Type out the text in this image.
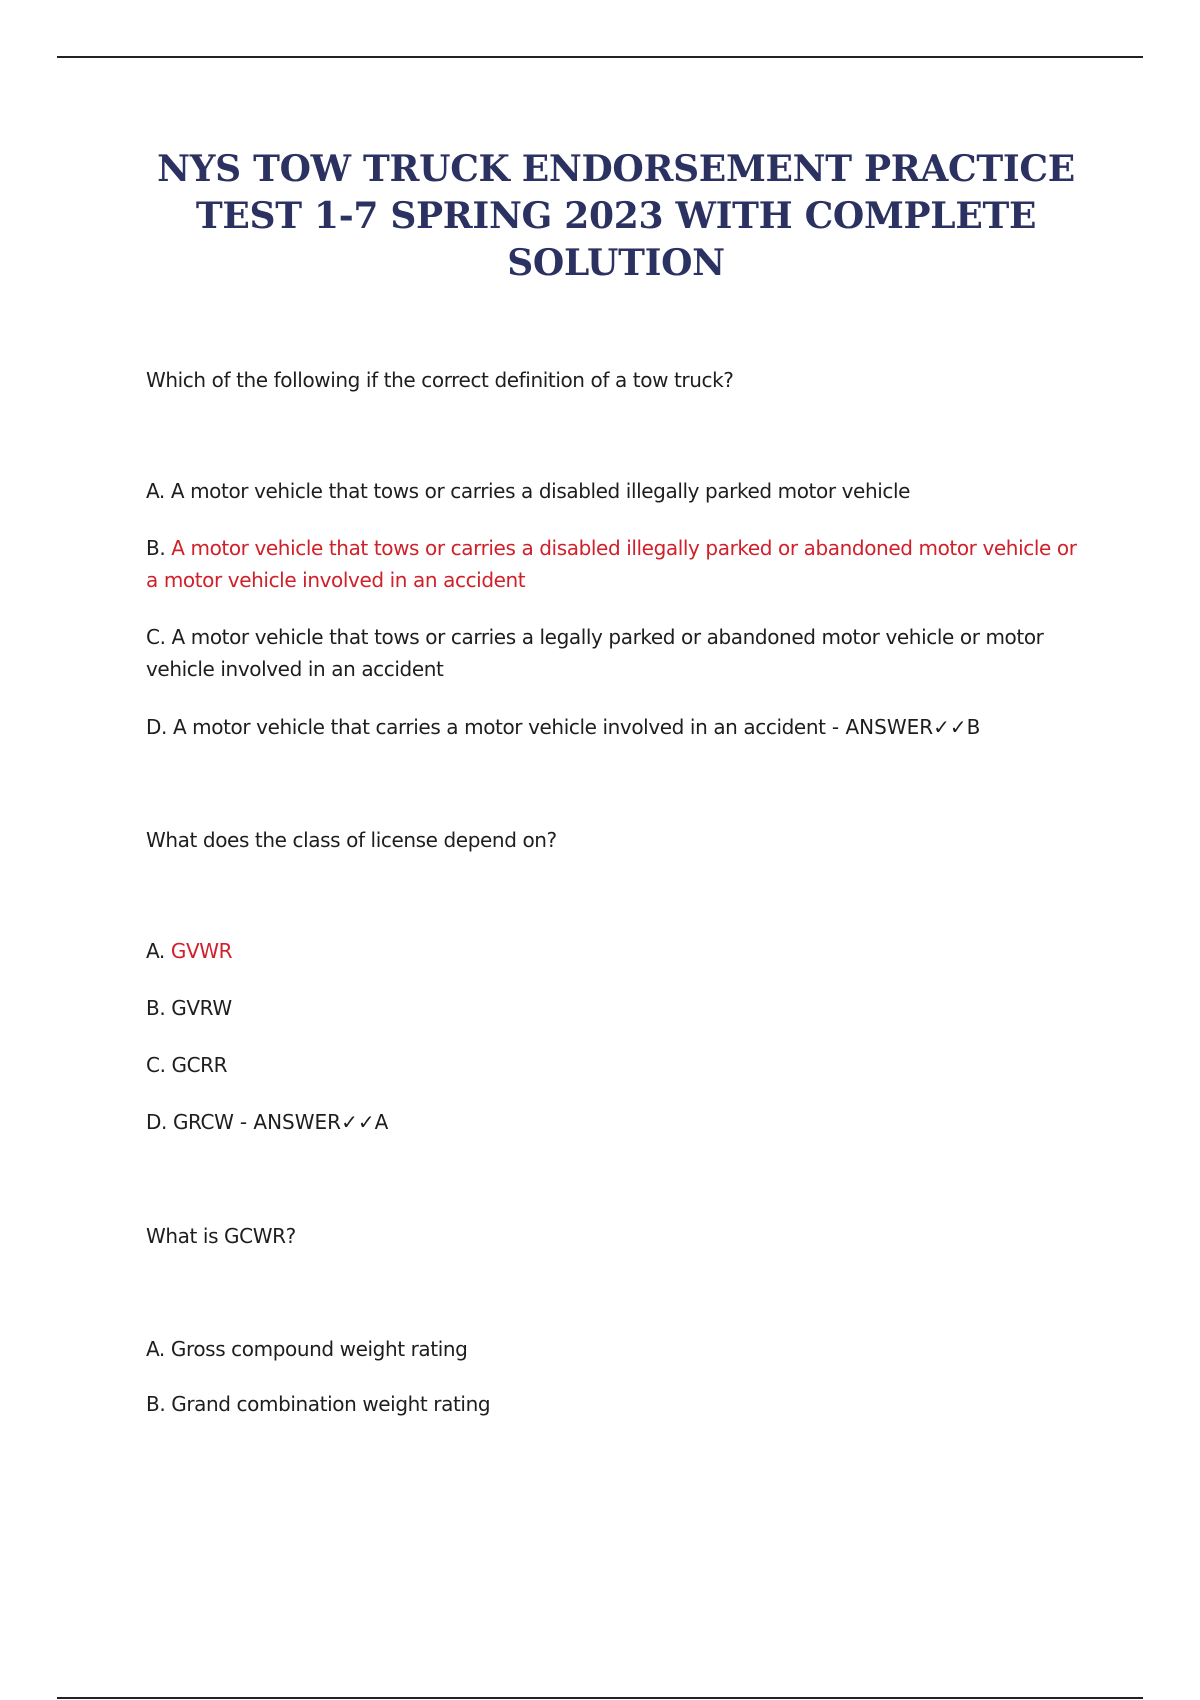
NYS TOW TRUCK ENDORSEMENT PRACTICE TEST 1-7 SPRING 2023 WITH COMPLETE SOLUTION

Which of the following if the correct definition of a tow truck?

A. A motor vehicle that tows or carries a disabled illegally parked motor vehicle

B. A motor vehicle that tows or carries a disabled illegally parked or abandoned motor vehicle or a motor vehicle involved in an accident

C. A motor vehicle that tows or carries a legally parked or abandoned motor vehicle or motor vehicle involved in an accident

D. A motor vehicle that carries a motor vehicle involved in an accident - ANSWER✓✓B

What does the class of license depend on?

A. GVWR

B. GVRW

C. GCRR

D. GRCW - ANSWER✓✓A

What is GCWR?

A. Gross compound weight rating

B. Grand combination weight rating
